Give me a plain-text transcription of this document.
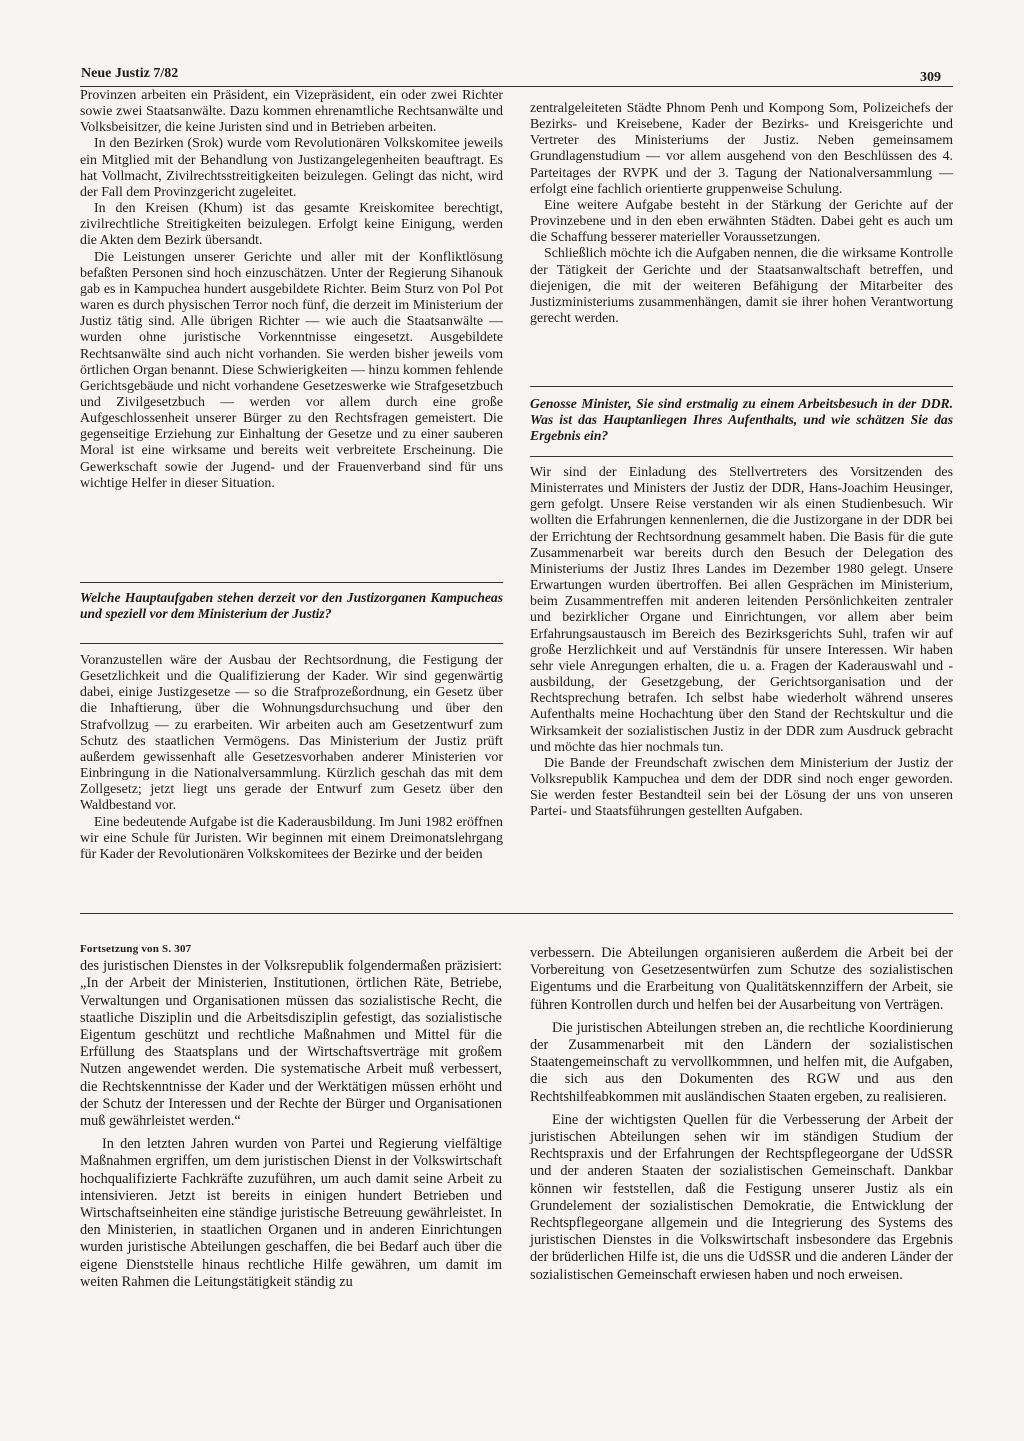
Neue Justiz 7/82	309

Provinzen arbeiten ein Präsident, ein Vizepräsident, ein oder zwei Richter sowie zwei Staatsanwälte. Dazu kommen ehrenamtliche Rechtsanwälte und Volksbeisitzer, die keine Juristen sind und in Betrieben arbeiten.

In den Bezirken (Srok) wurde vom Revolutionären Volkskomitee jeweils ein Mitglied mit der Behandlung von Justizangelegenheiten beauftragt. Es hat Vollmacht, Zivilrechtsstreitigkeiten beizulegen. Gelingt das nicht, wird der Fall dem Provinzgericht zugeleitet.

In den Kreisen (Khum) ist das gesamte Kreiskomitee berechtigt, zivilrechtliche Streitigkeiten beizulegen. Erfolgt keine Einigung, werden die Akten dem Bezirk übersandt.

Die Leistungen unserer Gerichte und aller mit der Konfliktlösung befaßten Personen sind hoch einzuschätzen. Unter der Regierung Sihanouk gab es in Kampuchea hundert ausgebildete Richter. Beim Sturz von Pol Pot waren es durch physischen Terror noch fünf, die derzeit im Ministerium der Justiz tätig sind. Alle übrigen Richter — wie auch die Staatsanwälte — wurden ohne juristische Vorkenntnisse eingesetzt. Ausgebildete Rechtsanwälte sind auch nicht vorhanden. Sie werden bisher jeweils vom örtlichen Organ benannt. Diese Schwierigkeiten — hinzu kommen fehlende Gerichtsgebäude und nicht vorhandene Gesetzeswerke wie Strafgesetzbuch und Zivilgesetzbuch — werden vor allem durch eine große Aufgeschlossenheit unserer Bürger zu den Rechtsfragen gemeistert. Die gegenseitige Erziehung zur Einhaltung der Gesetze und zu einer sauberen Moral ist eine wirksame und bereits weit verbreitete Erscheinung. Die Gewerkschaft sowie der Jugend- und der Frauenverband sind für uns wichtige Helfer in dieser Situation.

Welche Hauptaufgaben stehen derzeit vor den Justizorganen Kampucheas und speziell vor dem Ministerium der Justiz?

Voranzustellen wäre der Ausbau der Rechtsordnung, die Festigung der Gesetzlichkeit und die Qualifizierung der Kader. Wir sind gegenwärtig dabei, einige Justizgesetze — so die Strafprozeßordnung, ein Gesetz über die Inhaftierung, über die Wohnungsdurchsuchung und über den Strafvollzug — zu erarbeiten. Wir arbeiten auch am Gesetzentwurf zum Schutz des staatlichen Vermögens. Das Ministerium der Justiz prüft außerdem gewissenhaft alle Gesetzesvorhaben anderer Ministerien vor Einbringung in die Nationalversammlung. Kürzlich geschah das mit dem Zollgesetz; jetzt liegt uns gerade der Entwurf zum Gesetz über den Waldbestand vor.

Eine bedeutende Aufgabe ist die Kaderausbildung. Im Juni 1982 eröffnen wir eine Schule für Juristen. Wir beginnen mit einem Dreimonatslehrgang für Kader der Revolutionären Volkskomitees der Bezirke und der beiden

zentralgeleiteten Städte Phnom Penh und Kompong Som, Polizeichefs der Bezirks- und Kreisebene, Kader der Bezirks- und Kreisgerichte und Vertreter des Ministeriums der Justiz. Neben gemeinsamem Grundlagenstudium — vor allem ausgehend von den Beschlüssen des 4. Parteitages der RVPK und der 3. Tagung der Nationalversammlung — erfolgt eine fachlich orientierte gruppenweise Schulung.

Eine weitere Aufgabe besteht in der Stärkung der Gerichte auf der Provinzebene und in den eben erwähnten Städten. Dabei geht es auch um die Schaffung besserer materieller Voraussetzungen.

Schließlich möchte ich die Aufgaben nennen, die die wirksame Kontrolle der Tätigkeit der Gerichte und der Staatsanwaltschaft betreffen, und diejenigen, die mit der weiteren Befähigung der Mitarbeiter des Justizministeriums zusammenhängen, damit sie ihrer hohen Verantwortung gerecht werden.

Genosse Minister, Sie sind erstmalig zu einem Arbeitsbesuch in der DDR. Was ist das Hauptanliegen Ihres Aufenthalts, und wie schätzen Sie das Ergebnis ein?

Wir sind der Einladung des Stellvertreters des Vorsitzenden des Ministerrates und Ministers der Justiz der DDR, Hans-Joachim Heusinger, gern gefolgt. Unsere Reise verstanden wir als einen Studienbesuch. Wir wollten die Erfahrungen kennenlernen, die die Justizorgane in der DDR bei der Errichtung der Rechtsordnung gesammelt haben. Die Basis für die gute Zusammenarbeit war bereits durch den Besuch der Delegation des Ministeriums der Justiz Ihres Landes im Dezember 1980 gelegt. Unsere Erwartungen wurden übertroffen. Bei allen Gesprächen im Ministerium, beim Zusammentreffen mit anderen leitenden Persönlichkeiten zentraler und bezirklicher Organe und Einrichtungen, vor allem aber beim Erfahrungsaustausch im Bereich des Bezirksgerichts Suhl, trafen wir auf große Herzlichkeit und auf Verständnis für unsere Interessen. Wir haben sehr viele Anregungen erhalten, die u. a. Fragen der Kaderauswahl und -ausbildung, der Gesetzgebung, der Gerichtsorganisation und der Rechtsprechung betrafen. Ich selbst habe wiederholt während unseres Aufenthalts meine Hochachtung über den Stand der Rechtskultur und die Wirksamkeit der sozialistischen Justiz in der DDR zum Ausdruck gebracht und möchte das hier nochmals tun.

Die Bande der Freundschaft zwischen dem Ministerium der Justiz der Volksrepublik Kampuchea und dem der DDR sind noch enger geworden. Sie werden fester Bestandteil sein bei der Lösung der uns von unseren Partei- und Staatsführungen gestellten Aufgaben.

Fortsetzung von S. 307

des juristischen Dienstes in der Volksrepublik folgendermaßen präzisiert: „In der Arbeit der Ministerien, Institutionen, örtlichen Räte, Betriebe, Verwaltungen und Organisationen müssen das sozialistische Recht, die staatliche Disziplin und die Arbeitsdisziplin gefestigt, das sozialistische Eigentum geschützt und rechtliche Maßnahmen und Mittel für die Erfüllung des Staatsplans und der Wirtschaftsverträge mit großem Nutzen angewendet werden. Die systematische Arbeit muß verbessert, die Rechtskenntnisse der Kader und der Werktätigen müssen erhöht und der Schutz der Interessen und der Rechte der Bürger und Organisationen muß gewährleistet werden.“

In den letzten Jahren wurden von Partei und Regierung vielfältige Maßnahmen ergriffen, um dem juristischen Dienst in der Volkswirtschaft hochqualifizierte Fachkräfte zuzuführen, um auch damit seine Arbeit zu intensivieren. Jetzt ist bereits in einigen hundert Betrieben und Wirtschaftseinheiten eine ständige juristische Betreuung gewährleistet. In den Ministerien, in staatlichen Organen und in anderen Einrichtungen wurden juristische Abteilungen geschaffen, die bei Bedarf auch über die eigene Dienststelle hinaus rechtliche Hilfe gewähren, um damit im weiten Rahmen die Leitungstätigkeit ständig zu

verbessern. Die Abteilungen organisieren außerdem die Arbeit bei der Vorbereitung von Gesetzesentwürfen zum Schutze des sozialistischen Eigentums und die Erarbeitung von Qualitätskennziffern der Arbeit, sie führen Kontrollen durch und helfen bei der Ausarbeitung von Verträgen.

Die juristischen Abteilungen streben an, die rechtliche Koordinierung der Zusammenarbeit mit den Ländern der sozialistischen Staatengemeinschaft zu vervollkommnen, und helfen mit, die Aufgaben, die sich aus den Dokumenten des RGW und aus den Rechtshilfeabkommen mit ausländischen Staaten ergeben, zu realisieren.

Eine der wichtigsten Quellen für die Verbesserung der Arbeit der juristischen Abteilungen sehen wir im ständigen Studium der Rechtspraxis und der Erfahrungen der Rechtspflegeorgane der UdSSR und der anderen Staaten der sozialistischen Gemeinschaft. Dankbar können wir feststellen, daß die Festigung unserer Justiz als ein Grundelement der sozialistischen Demokratie, die Entwicklung der Rechtspflegeorgane allgemein und die Integrierung des Systems des juristischen Dienstes in die Volkswirtschaft insbesondere das Ergebnis der brüderlichen Hilfe ist, die uns die UdSSR und die anderen Länder der sozialistischen Gemeinschaft erwiesen haben und noch erweisen.
